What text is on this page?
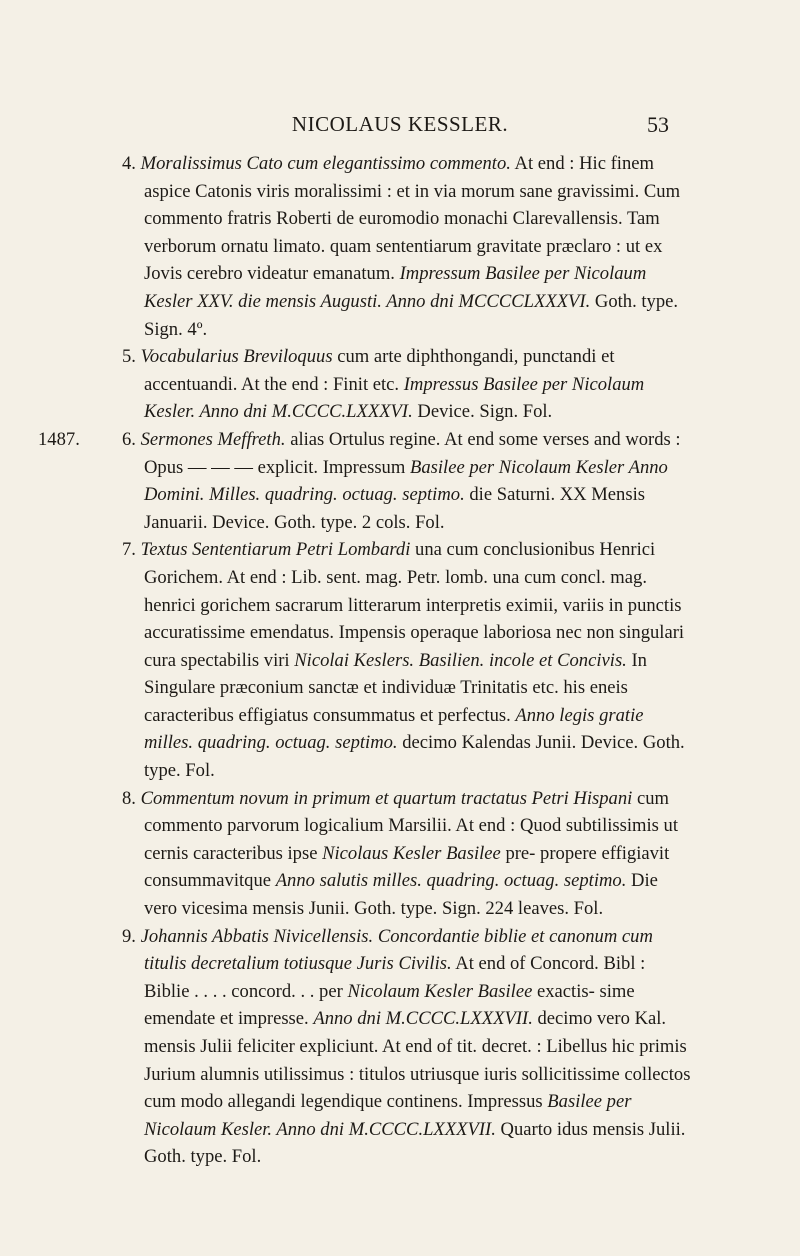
NICOLAUS KESSLER.	53

4. Moralissimus Cato cum elegantissimo commento. At end : Hic finem aspice Catonis viris moralissimi : et in via morum sane gravissimi. Cum commento fratris Roberti de euromodio monachi Clarevallensis. Tam verborum ornatu limato. quam sententiarum gravitate præclaro : ut ex Jovis cerebro videatur emanatum. Impressum Basilee per Nicolaum Kesler XXV. die mensis Augusti. Anno dni MCCCCLXXXVI. Goth. type. Sign. 4º.

5. Vocabularius Breviloquus cum arte diphthongandi, punctandi et accentuandi. At the end : Finit etc. Impressus Basilee per Nicolaum Kesler. Anno dni M.CCCC.LXXXVI. Device. Sign. Fol.

1487.	6. Sermones Meffreth. alias Ortulus regine. At end some verses and words : Opus — — — explicit. Impressum Basilee per Nicolaum Kesler Anno Domini. Milles. quadring. octuag. septimo. die Saturni. XX Mensis Januarii. Device. Goth. type. 2 cols. Fol.

7. Textus Sententiarum Petri Lombardi una cum conclusionibus Henrici Gorichem. At end : Lib. sent. mag. Petr. lomb. una cum concl. mag. henrici gorichem sacrarum litterarum interpretis eximii, variis in punctis accuratissime emendatus. Impensis operaque laboriosa nec non singulari cura spectabilis viri Nicolai Keslers. Basilien. incole et Concivis. In Singulare præconium sanctæ et individuæ Trinitatis etc. his eneis caracteribus effigiatus consummatus et perfectus. Anno legis gratie milles. quadring. octuag. septimo. decimo Kalendas Junii. Device. Goth. type. Fol.

8. Commentum novum in primum et quartum tractatus Petri Hispani cum commento parvorum logicalium Marsilii. At end : Quod subtilissimis ut cernis caracteribus ipse Nicolaus Kesler Basilee pre- propere effigiavit consummavitque Anno salutis milles. quadring. octuag. septimo. Die vero vicesima mensis Junii. Goth. type. Sign. 224 leaves. Fol.

9. Johannis Abbatis Nivicellensis. Concordantie biblie et canonum cum titulis decretalium totiusque Juris Civilis. At end of Concord. Bibl : Biblie . . . . concord. . . per Nicolaum Kesler Basilee exactis- sime emendate et impresse. Anno dni M.CCCC.LXXXVII. decimo vero Kal. mensis Julii feliciter expliciunt. At end of tit. decret. : Libellus hic primis Jurium alumnis utilissimus : titulos utriusque iuris sollicitissime collectos cum modo allegandi legendique continens. Impressus Basilee per Nicolaum Kesler. Anno dni M.CCCC.LXXXVII. Quarto idus mensis Julii. Goth. type. Fol.
